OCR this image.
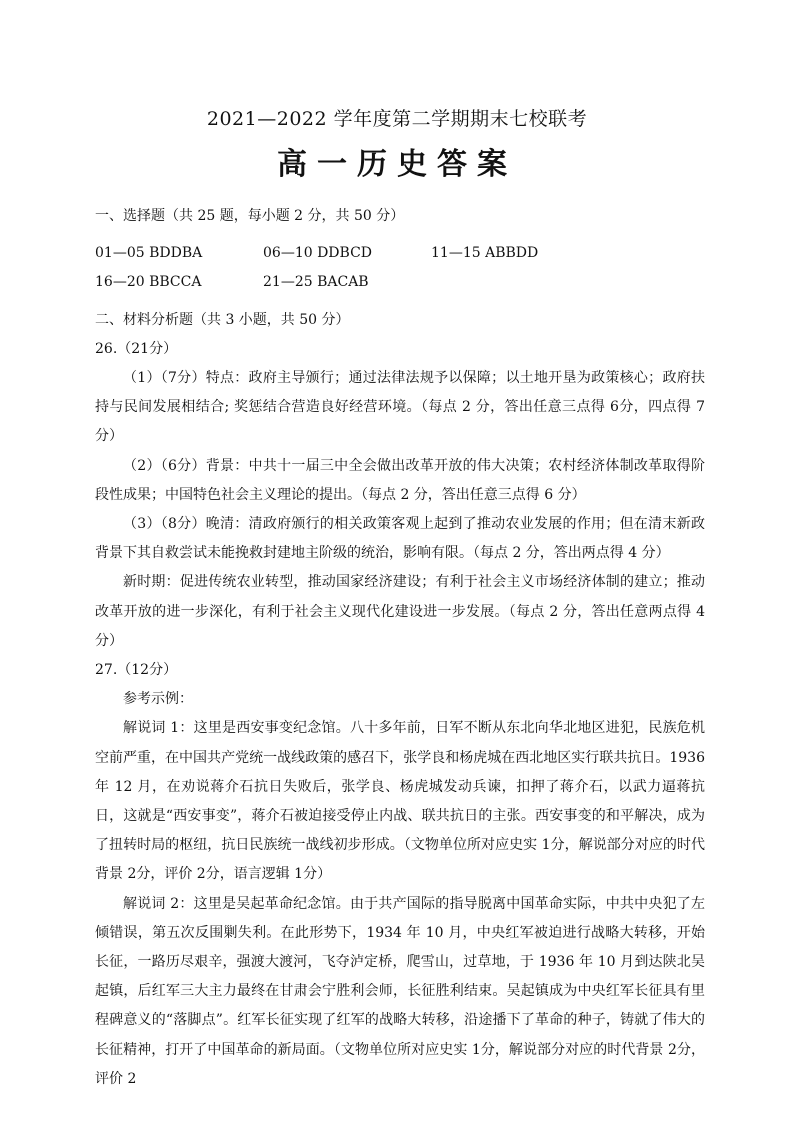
2021—2022 学年度第二学期期末七校联考
高一历史答案

一、选择题（共 25 题，每小题 2 分，共 50 分）

01—05 BDDBA	06—10 DDBCD	11—15 ABBDD
16—20 BBCCA	21—25 BACAB

二、材料分析题（共 3 小题，共 50 分）

26.（21分）

（1）（7分）特点：政府主导颁行；通过法律法规予以保障；以土地开垦为政策核心；政府扶持与民间发展相结合; 奖惩结合营造良好经营环境。（每点 2 分，答出任意三点得 6分，四点得 7分）

（2）（6分）背景：中共十一届三中全会做出改革开放的伟大决策；农村经济体制改革取得阶段性成果；中国特色社会主义理论的提出。（每点 2 分，答出任意三点得 6 分）

（3）（8分）晚清：清政府颁行的相关政策客观上起到了推动农业发展的作用；但在清末新政背景下其自救尝试未能挽救封建地主阶级的统治，影响有限。（每点 2 分，答出两点得 4 分）

新时期：促进传统农业转型，推动国家经济建设；有利于社会主义市场经济体制的建立；推动改革开放的进一步深化，有利于社会主义现代化建设进一步发展。（每点 2 分，答出任意两点得 4 分）

27.（12分）

参考示例：

解说词 1：这里是西安事变纪念馆。八十多年前，日军不断从东北向华北地区进犯，民族危机空前严重，在中国共产党统一战线政策的感召下，张学良和杨虎城在西北地区实行联共抗日。1936 年 12 月，在劝说蒋介石抗日失败后，张学良、杨虎城发动兵谏，扣押了蒋介石，以武力逼蒋抗日，这就是“西安事变”，蒋介石被迫接受停止内战、联共抗日的主张。西安事变的和平解决，成为了扭转时局的枢纽，抗日民族统一战线初步形成。（文物单位所对应史实 1分，解说部分对应的时代背景 2分，评价 2分，语言逻辑 1分）

解说词 2：这里是吴起革命纪念馆。由于共产国际的指导脱离中国革命实际，中共中央犯了左倾错误，第五次反围剿失利。在此形势下，1934 年 10 月，中央红军被迫进行战略大转移，开始长征，一路历尽艰辛，强渡大渡河，飞夺泸定桥，爬雪山，过草地，于 1936 年 10 月到达陕北吴起镇，后红军三大主力最终在甘肃会宁胜利会师，长征胜利结束。吴起镇成为中央红军长征具有里程碑意义的“落脚点”。红军长征实现了红军的战略大转移，沿途播下了革命的种子，铸就了伟大的长征精神，打开了中国革命的新局面。（文物单位所对应史实 1分，解说部分对应的时代背景 2分，评价 2
